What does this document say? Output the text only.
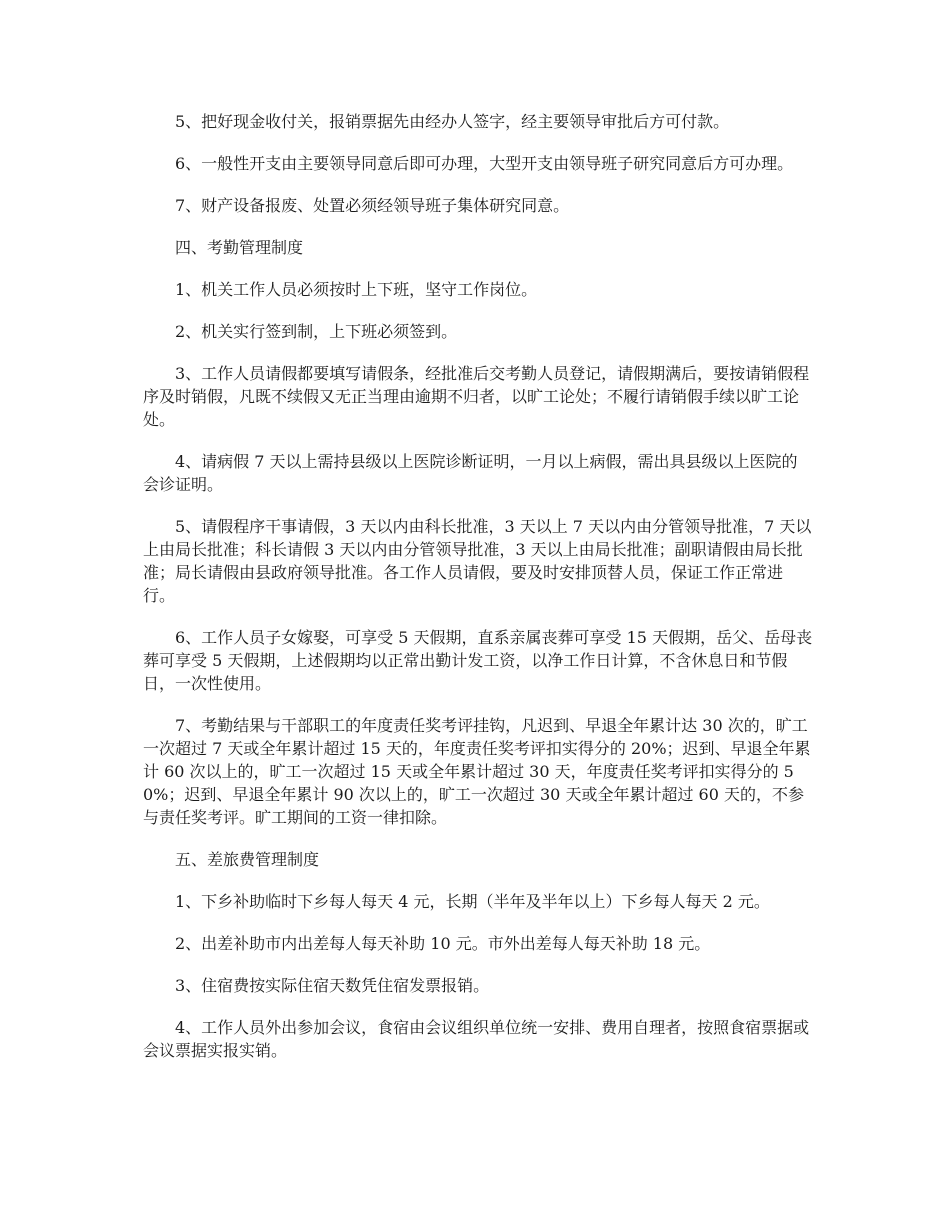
5、把好现金收付关，报销票据先由经办人签字，经主要领导审批后方可付款。

6、一般性开支由主要领导同意后即可办理，大型开支由领导班子研究同意后方可办理。

7、财产设备报废、处置必须经领导班子集体研究同意。

四、考勤管理制度

1、机关工作人员必须按时上下班，坚守工作岗位。

2、机关实行签到制，上下班必须签到。

3、工作人员请假都要填写请假条，经批准后交考勤人员登记，请假期满后，要按请销假程序及时销假，凡既不续假又无正当理由逾期不归者，以旷工论处；不履行请销假手续以旷工论处。

4、请病假 7 天以上需持县级以上医院诊断证明，一月以上病假，需出具县级以上医院的会诊证明。

5、请假程序干事请假，3 天以内由科长批准，3 天以上 7 天以内由分管领导批准，7 天以上由局长批准；科长请假 3 天以内由分管领导批准，3 天以上由局长批准；副职请假由局长批准；局长请假由县政府领导批准。各工作人员请假，要及时安排顶替人员，保证工作正常进行。

6、工作人员子女嫁娶，可享受 5 天假期，直系亲属丧葬可享受 15 天假期，岳父、岳母丧葬可享受 5 天假期，上述假期均以正常出勤计发工资，以净工作日计算，不含休息日和节假日，一次性使用。

7、考勤结果与干部职工的年度责任奖考评挂钩，凡迟到、早退全年累计达 30 次的，旷工一次超过 7 天或全年累计超过 15 天的，年度责任奖考评扣实得分的 20%；迟到、早退全年累计 60 次以上的，旷工一次超过 15 天或全年累计超过 30 天，年度责任奖考评扣实得分的 50%；迟到、早退全年累计 90 次以上的，旷工一次超过 30 天或全年累计超过 60 天的，不参与责任奖考评。旷工期间的工资一律扣除。

五、差旅费管理制度

1、下乡补助临时下乡每人每天 4 元，长期（半年及半年以上）下乡每人每天 2 元。

2、出差补助市内出差每人每天补助 10 元。市外出差每人每天补助 18 元。

3、住宿费按实际住宿天数凭住宿发票报销。

4、工作人员外出参加会议，食宿由会议组织单位统一安排、费用自理者，按照食宿票据或会议票据实报实销。
